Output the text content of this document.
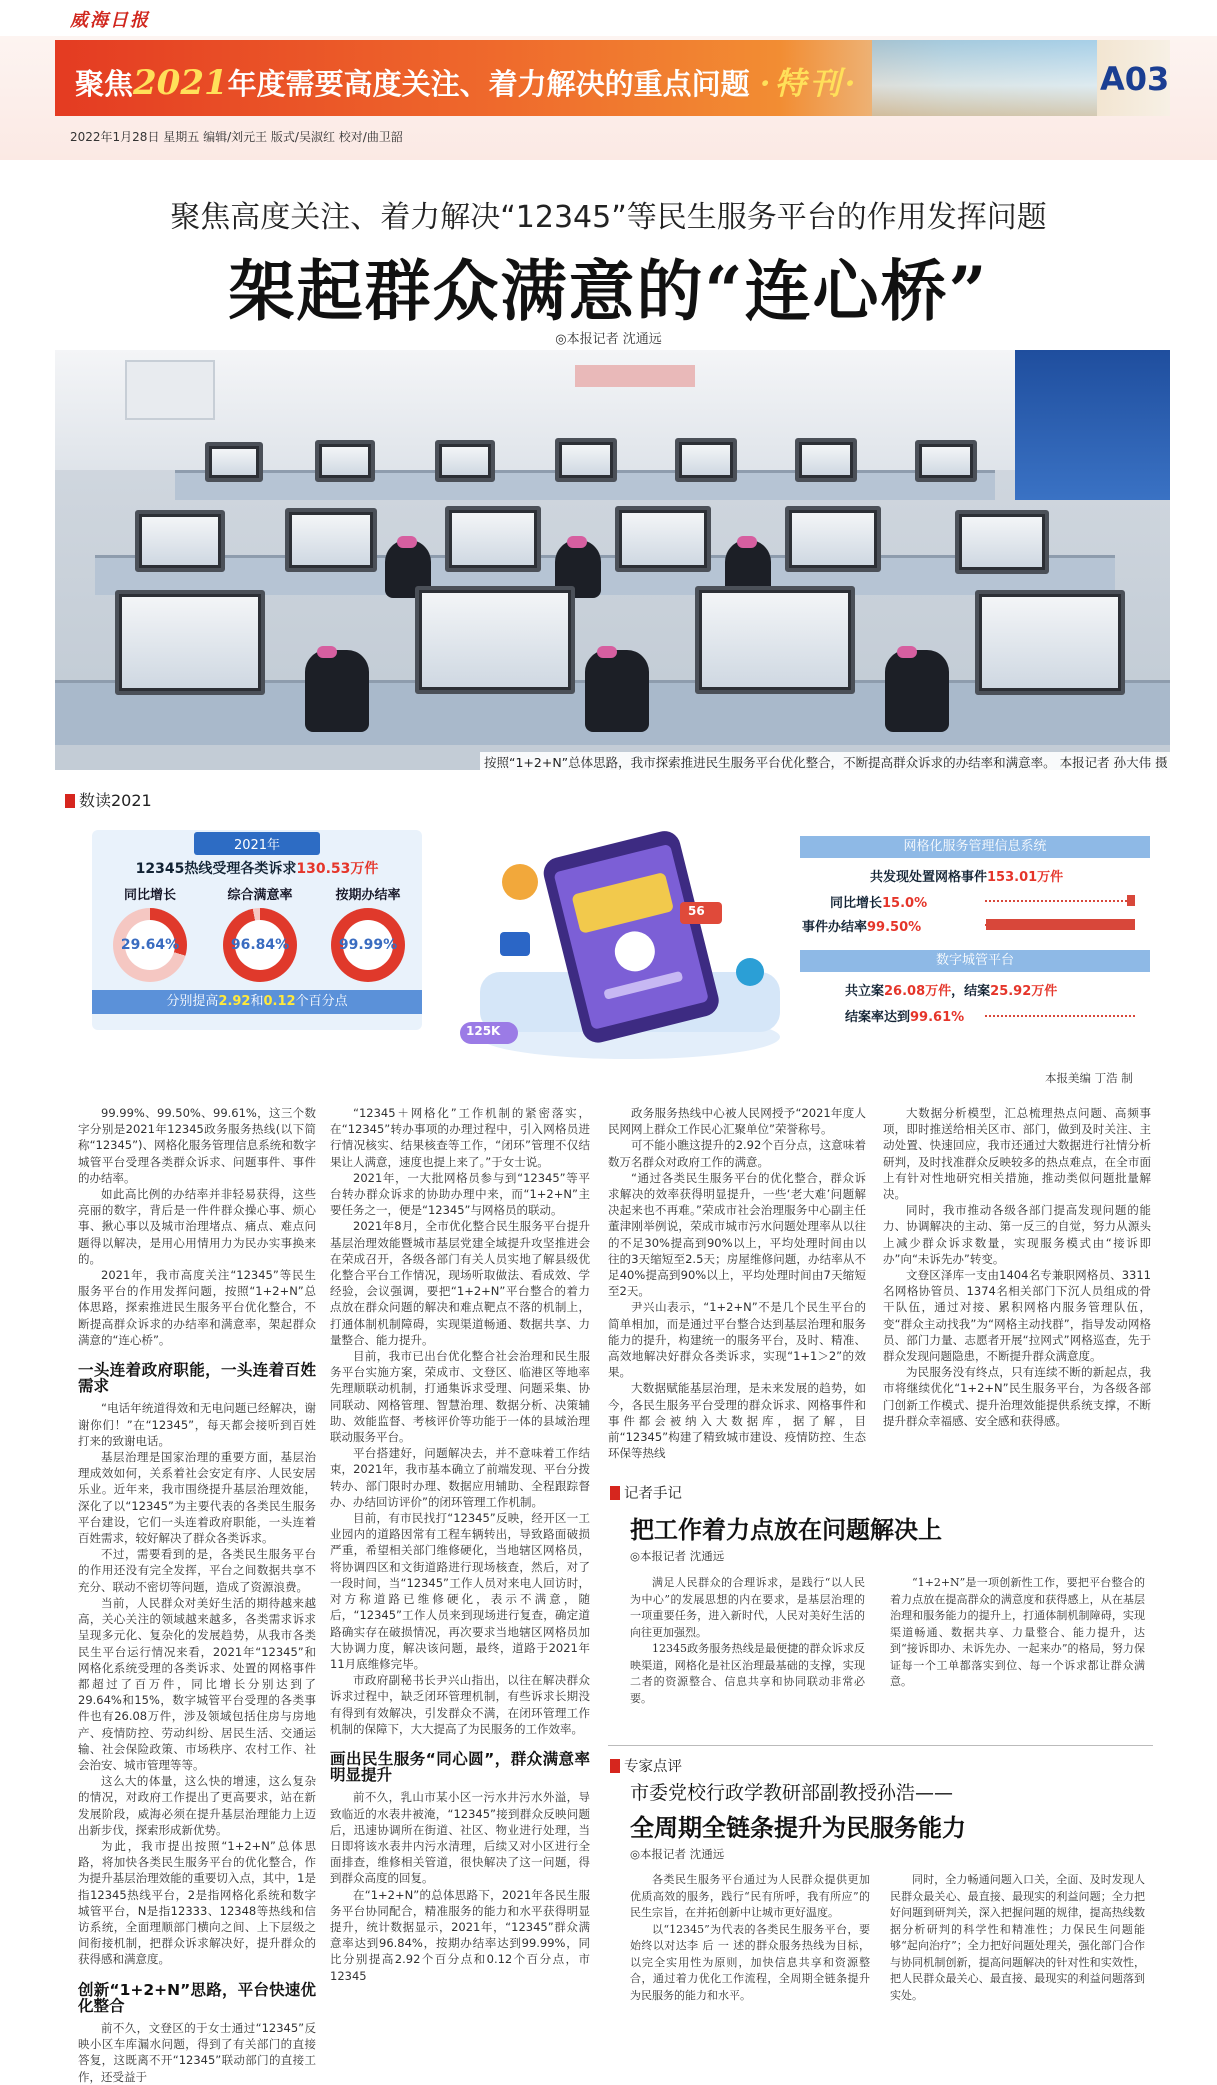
威海日报
聚焦2021年度需要高度关注、着力解决的重点问题 ·特刊·	A03
2022年1月28日 星期五 编辑/刘元王 版式/吴淑红 校对/曲卫韶
聚焦高度关注、着力解决“12345”等民生服务平台的作用发挥问题
架起群众满意的“连心桥”
◎本报记者 沈通远
按照“1+2+N”总体思路，我市探索推进民生服务平台优化整合，不断提高群众诉求的办结率和满意率。 本报记者 孙大伟 摄
数读2021
2021年
12345热线受理各类诉求130.53万件
分别提高2.92和0.12个百分点
56
125K
网格化服务管理信息系统
共发现处置网格事件153.01万件
数字城管平台
共立案26.08万件，结案25.92万件
结案率达到99.61%
同比增长15.0%
事件办结率99.50%
本报美编 丁浩 制

99.99%、99.50%、99.61%，这三个数字分别是2021年12345政务服务热线(以下简称“12345”)、网格化服务管理信息系统和数字城管平台受理各类群众诉求、问题事件、事件的办结率。

如此高比例的办结率并非轻易获得，这些亮丽的数字，背后是一件件群众操心事、烦心事、揪心事以及城市治理堵点、痛点、难点问题得以解决，是用心用情用力为民办实事换来的。

2021年，我市高度关注“12345”等民生服务平台的作用发挥问题，按照“1+2+N”总体思路，探索推进民生服务平台优化整合，不断提高群众诉求的办结率和满意率，架起群众满意的“连心桥”。

一头连着政府职能，一头连着百姓需求

“电话年统道得效和无电问题已经解决，谢谢你们！”在“12345”，每天都会接听到百姓打来的致谢电话。

基层治理是国家治理的重要方面，基层治理成效如何，关系着社会安定有序、人民安居乐业。近年来，我市围绕提升基层治理效能，深化了以“12345”为主要代表的各类民生服务平台建设，它们一头连着政府职能，一头连着百姓需求，较好解决了群众各类诉求。

不过，需要看到的是，各类民生服务平台的作用还没有完全发挥，平台之间数据共享不充分、联动不密切等问题，造成了资源浪费。

当前，人民群众对美好生活的期待越来越高，关心关注的领域越来越多，各类需求诉求呈现多元化、复杂化的发展趋势，从我市各类民生平台运行情况来看，2021年“12345”和网格化系统受理的各类诉求、处置的网格事件都超过了百万件，同比增长分别达到了29.64%和15%，数字城管平台受理的各类事件也有26.08万件，涉及领域包括住房与房地产、疫情防控、劳动纠纷、居民生活、交通运输、社会保险政策、市场秩序、农村工作、社会治安、城市管理等等。

这么大的体量，这么快的增速，这么复杂的情况，对政府工作提出了更高要求，站在新发展阶段，威海必须在提升基层治理能力上迈出新步伐，探索形成新优势。

为此，我市提出按照“1+2+N”总体思路，将加快各类民生服务平台的优化整合，作为提升基层治理效能的重要切入点，其中，1是指12345热线平台，2是指网格化系统和数字城管平台，N是指12333、12348等热线和信访系统，全面理顺部门横向之间、上下层级之间衔接机制，把群众诉求解决好，提升群众的获得感和满意度。

创新“1+2+N”思路，平台快速优化整合

前不久，文登区的于女士通过“12345”反映小区车库漏水问题，得到了有关部门的直接答复，这既离不开“12345”联动部门的直接工作，还受益于

“12345＋网格化”工作机制的紧密落实，在“12345”转办事项的办理过程中，引入网格员进行情况核实、结果核查等工作，“闭环”管理不仅结果让人满意，速度也提上来了。”于女士说。

2021年，一大批网格员参与到“12345”等平台转办群众诉求的协助办理中来，而“1+2+N”主要任务之一，便是“12345”与网格员的联动。

2021年8月，全市优化整合民生服务平台提升基层治理效能暨城市基层党建全域提升攻坚推进会在荣成召开，各级各部门有关人员实地了解县级优化整合平台工作情况，现场听取做法、看成效、学经验，会议强调，要把“1+2+N”平台整合的着力点放在群众问题的解决和难点靶点不落的机制上，打通体制机制障碍，实现渠道畅通、数据共享、力量整合、能力提升。

目前，我市已出台优化整合社会治理和民生服务平台实施方案，荣成市、文登区、临港区等地率先理顺联动机制，打通集诉求受理、问题采集、协同联动、网格管理、智慧治理、数据分析、决策辅助、效能监督、考核评价等功能于一体的县域治理联动服务平台。

平台搭建好，问题解决去，并不意味着工作结束，2021年，我市基本确立了前端发现、平台分拨转办、部门限时办理、数据应用辅助、全程跟踪督办、办结回访评价”的闭环管理工作机制。

目前，有市民找打“12345”反映，经开区一工业园内的道路因常有工程车辆转出，导致路面破损严重，希望相关部门维修硬化，当地辖区网格员，将协调四区和文街道路进行现场核查，然后，对了一段时间，当“12345”工作人员对来电人回访时，对方称道路已维修硬化，表示不满意，随后，“12345”工作人员来到现场进行复查，确定道路确实存在破损情况，再次要求当地辖区网格员加大协调力度，解决该问题，最终，道路于2021年11月底维修完毕。

市政府副秘书长尹兴山指出，以往在解决群众诉求过程中，缺乏闭环管理机制，有些诉求长期没有得到有效解决，引发群众不满，在闭环管理工作机制的保障下，大大提高了为民服务的工作效率。

画出民生服务“同心圆”，群众满意率明显提升

前不久，乳山市某小区一污水井污水外溢，导致临近的水表井被淹，“12345”接到群众反映问题后，迅速协调所在街道、社区、物业进行处理，当日即将该水表井内污水清理，后续又对小区进行全面排查，维修相关管道，很快解决了这一问题，得到群众高度的回复。

在“1+2+N”的总体思路下，2021年各民生服务平台协同配合，精准服务的能力和水平获得明显提升，统计数据显示，2021年，“12345”群众满意率达到96.84%，按期办结率达到99.99%，同比分别提高2.92个百分点和0.12个百分点，市12345

政务服务热线中心被人民网授予“2021年度人民网网上群众工作民心汇聚单位”荣誉称号。

可不能小瞧这提升的2.92个百分点，这意味着数万名群众对政府工作的满意。

“通过各类民生服务平台的优化整合，群众诉求解决的效率获得明显提升，一些‘老大难’问题解决起来也不再难。”荣成市社会治理服务中心副主任董津刚举例说，荣成市城市污水问题处理率从以往的不足30%提高到90%以上，平均处理时间由以往的3天缩短至2.5天；房屋维修问题，办结率从不足40%提高到90%以上，平均处理时间由7天缩短至2天。

尹兴山表示，“1+2+N”不是几个民生平台的简单相加，而是通过平台整合达到基层治理和服务能力的提升，构建统一的服务平台，及时、精准、高效地解决好群众各类诉求，实现“1+1＞2”的效果。

大数据赋能基层治理，是未来发展的趋势，如今，各民生服务平台受理的群众诉求、网格事件和事件都会被纳入大数据库，据了解，目前“12345”构建了精致城市建设、疫情防控、生态环保等热线

大数据分析模型，汇总梳理热点问题、高频事项，即时推送给相关区市、部门，做到及时关注、主动处置、快速回应，我市还通过大数据进行社情分析研判，及时找准群众反映较多的热点难点，在全市面上有针对性地研究相关措施，推动类似问题批量解决。

同时，我市推动各级各部门提高发现问题的能力、协调解决的主动、第一反三的自觉，努力从源头上减少群众诉求数量，实现服务模式由“接诉即办”向“未诉先办”转变。

文登区泽库一支由1404名专兼职网格员、3311名网格协管员、1374名相关部门下沉人员组成的骨干队伍，通过对接、累积网格内服务管理队伍，变“群众主动找我”为“网格主动找群”，指导发动网格员、部门力量、志愿者开展“拉网式”网格巡查，先于群众发现问题隐患，不断提升群众满意度。

为民服务没有终点，只有连续不断的新起点，我市将继续优化“1+2+N”民生服务平台，为各级各部门创新工作模式、提升治理效能提供系统支撑，不断提升群众幸福感、安全感和获得感。

记者手记
把工作着力点放在问题解决上
◎本报记者 沈通远

满足人民群众的合理诉求，是践行“以人民为中心”的发展思想的内在要求，是基层治理的一项重要任务，进入新时代，人民对美好生活的向往更加强烈。

12345政务服务热线是最便捷的群众诉求反映渠道，网格化是社区治理最基础的支撑，实现二者的资源整合、信息共享和协同联动非常必要。

“1+2+N”是一项创新性工作，要把平台整合的着力点放在提高群众的满意度和获得感上，从在基层治理和服务能力的提升上，打通体制机制障碍，实现渠道畅通、数据共享、力量整合、能力提升，达到“接诉即办、未诉先办、一起来办”的格局，努力保证每一个工单都落实到位、每一个诉求都让群众满意。

专家点评
市委党校行政学教研部副教授孙浩——
全周期全链条提升为民服务能力
◎本报记者 沈通远

各类民生服务平台通过为人民群众提供更加优质高效的服务，践行“民有所呼，我有所应”的民生宗旨，在并拓创新中让城市更好温度。

以“12345”为代表的各类民生服务平台，要始终以对达李 后 一 述的群众服务热线为目标，以完全实用性为原则，加快信息共享和资源整合，通过着力优化工作流程，全周期全链条提升为民服务的能力和水平。

同时，全力畅通问题入口关，全面、及时发现人民群众最关心、最直接、最现实的利益问题；全力把好问题到研判关，深入把握问题的规律，提高热线数据分析研判的科学性和精准性；力保民生问题能够“起向治疗”；全力把好问题处理关，强化部门合作与协同机制创新，提高问题解决的针对性和实效性，把人民群众最关心、最直接、最现实的利益问题落到实处。

同比增长
29.64%
综合满意率
96.84%
按期办结率
99.99%
